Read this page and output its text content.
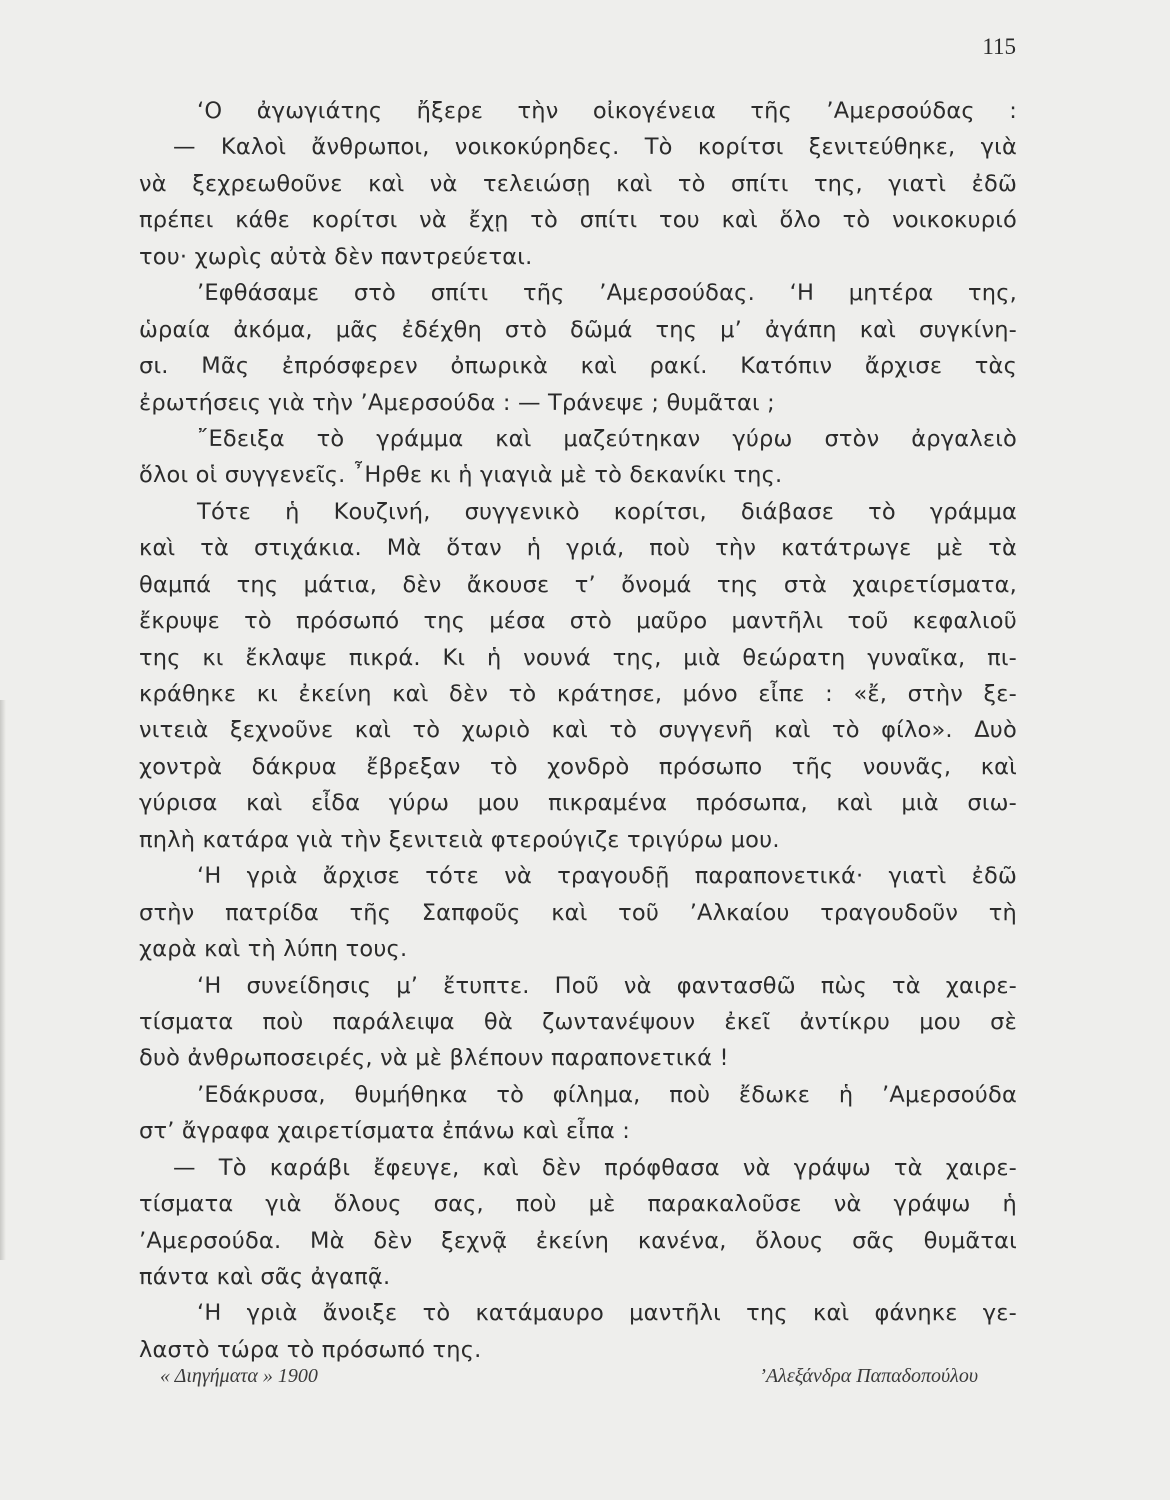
115
‘Ο ἀγωγιάτης ἤξερε τὴν οἰκογένεια τῆς ’Αμερσούδας :
— Καλοὶ ἄνθρωποι, νοικοκύρηδες. Τὸ κορίτσι ξενιτεύθηκε, γιὰ
νὰ ξεχρεωθοῦνε καὶ νὰ τελειώσῃ καὶ τὸ σπίτι της, γιατὶ ἐδῶ
πρέπει κάθε κορίτσι νὰ ἔχῃ τὸ σπίτι του καὶ ὅλο τὸ νοικοκυριό
του· χωρὶς αὐτὰ δὲν παντρεύεται.
’Εφθάσαμε στὸ σπίτι τῆς ’Αμερσούδας. ‘Η μητέρα της,
ὡραία ἀκόμα, μᾶς ἐδέχθη στὸ δῶμά της μ’ ἀγάπη καὶ συγκίνη-
σι. Μᾶς ἐπρόσφερεν ὀπωρικὰ καὶ ρακί. Κατόπιν ἄρχισε τὰς
ἐρωτήσεις γιὰ τὴν ’Αμερσούδα : — Τράνεψε ; θυμᾶται ;
῎Εδειξα τὸ γράμμα καὶ μαζεύτηκαν γύρω στὸν ἀργαλειὸ
ὅλοι οἱ συγγενεῖς. ῏Ηρθε κι ἡ γιαγιὰ μὲ τὸ δεκανίκι της.
Τότε ἡ Κουζινή, συγγενικὸ κορίτσι, διάβασε τὸ γράμμα
καὶ τὰ στιχάκια. Μὰ ὅταν ἡ γριά, ποὺ τὴν κατάτρωγε μὲ τὰ
θαμπά της μάτια, δὲν ἄκουσε τ’ ὄνομά της στὰ χαιρετίσματα,
ἔκρυψε τὸ πρόσωπό της μέσα στὸ μαῦρο μαντῆλι τοῦ κεφαλιοῦ
της κι ἔκλαψε πικρά. Κι ἡ νουνά της, μιὰ θεώρατη γυναῖκα, πι-
κράθηκε κι ἐκείνη καὶ δὲν τὸ κράτησε, μόνο εἶπε : «ἔ, στὴν ξε-
νιτειὰ ξεχνοῦνε καὶ τὸ χωριὸ καὶ τὸ συγγενῆ καὶ τὸ φίλο». Δυὸ
χοντρὰ δάκρυα ἔβρεξαν τὸ χονδρὸ πρόσωπο τῆς νουνᾶς, καὶ
γύρισα καὶ εἶδα γύρω μου πικραμένα πρόσωπα, καὶ μιὰ σιω-
πηλὴ κατάρα γιὰ τὴν ξενιτειὰ φτερούγιζε τριγύρω μου.
‘Η γριὰ ἄρχισε τότε νὰ τραγουδῇ παραπονετικά· γιατὶ ἐδῶ
στὴν πατρίδα τῆς Σαπφοῦς καὶ τοῦ ’Αλκαίου τραγουδοῦν τὴ
χαρὰ καὶ τὴ λύπη τους.
‘Η συνείδησις μ’ ἔτυπτε. Ποῦ νὰ φαντασθῶ πὼς τὰ χαιρε-
τίσματα ποὺ παράλειψα θὰ ζωντανέψουν ἐκεῖ ἀντίκρυ μου σὲ
δυὸ ἀνθρωποσειρές, νὰ μὲ βλέπουν παραπονετικά !
’Εδάκρυσα, θυμήθηκα τὸ φίλημα, ποὺ ἔδωκε ἡ ’Αμερσούδα
στ’ ἄγραφα χαιρετίσματα ἐπάνω καὶ εἶπα :
— Τὸ καράβι ἔφευγε, καὶ δὲν πρόφθασα νὰ γράψω τὰ χαιρε-
τίσματα γιὰ ὅλους σας, ποὺ μὲ παρακαλοῦσε νὰ γράψω ἡ
’Αμερσούδα. Μὰ δὲν ξεχνᾷ ἐκείνη κανένα, ὅλους σᾶς θυμᾶται
πάντα καὶ σᾶς ἀγαπᾷ.
‘Η γριὰ ἄνοιξε τὸ κατάμαυρο μαντῆλι της καὶ φάνηκε γε-
λαστὸ τώρα τὸ πρόσωπό της.
« Διηγήματα » 1900	’Αλεξάνδρα Παπαδοπούλου
